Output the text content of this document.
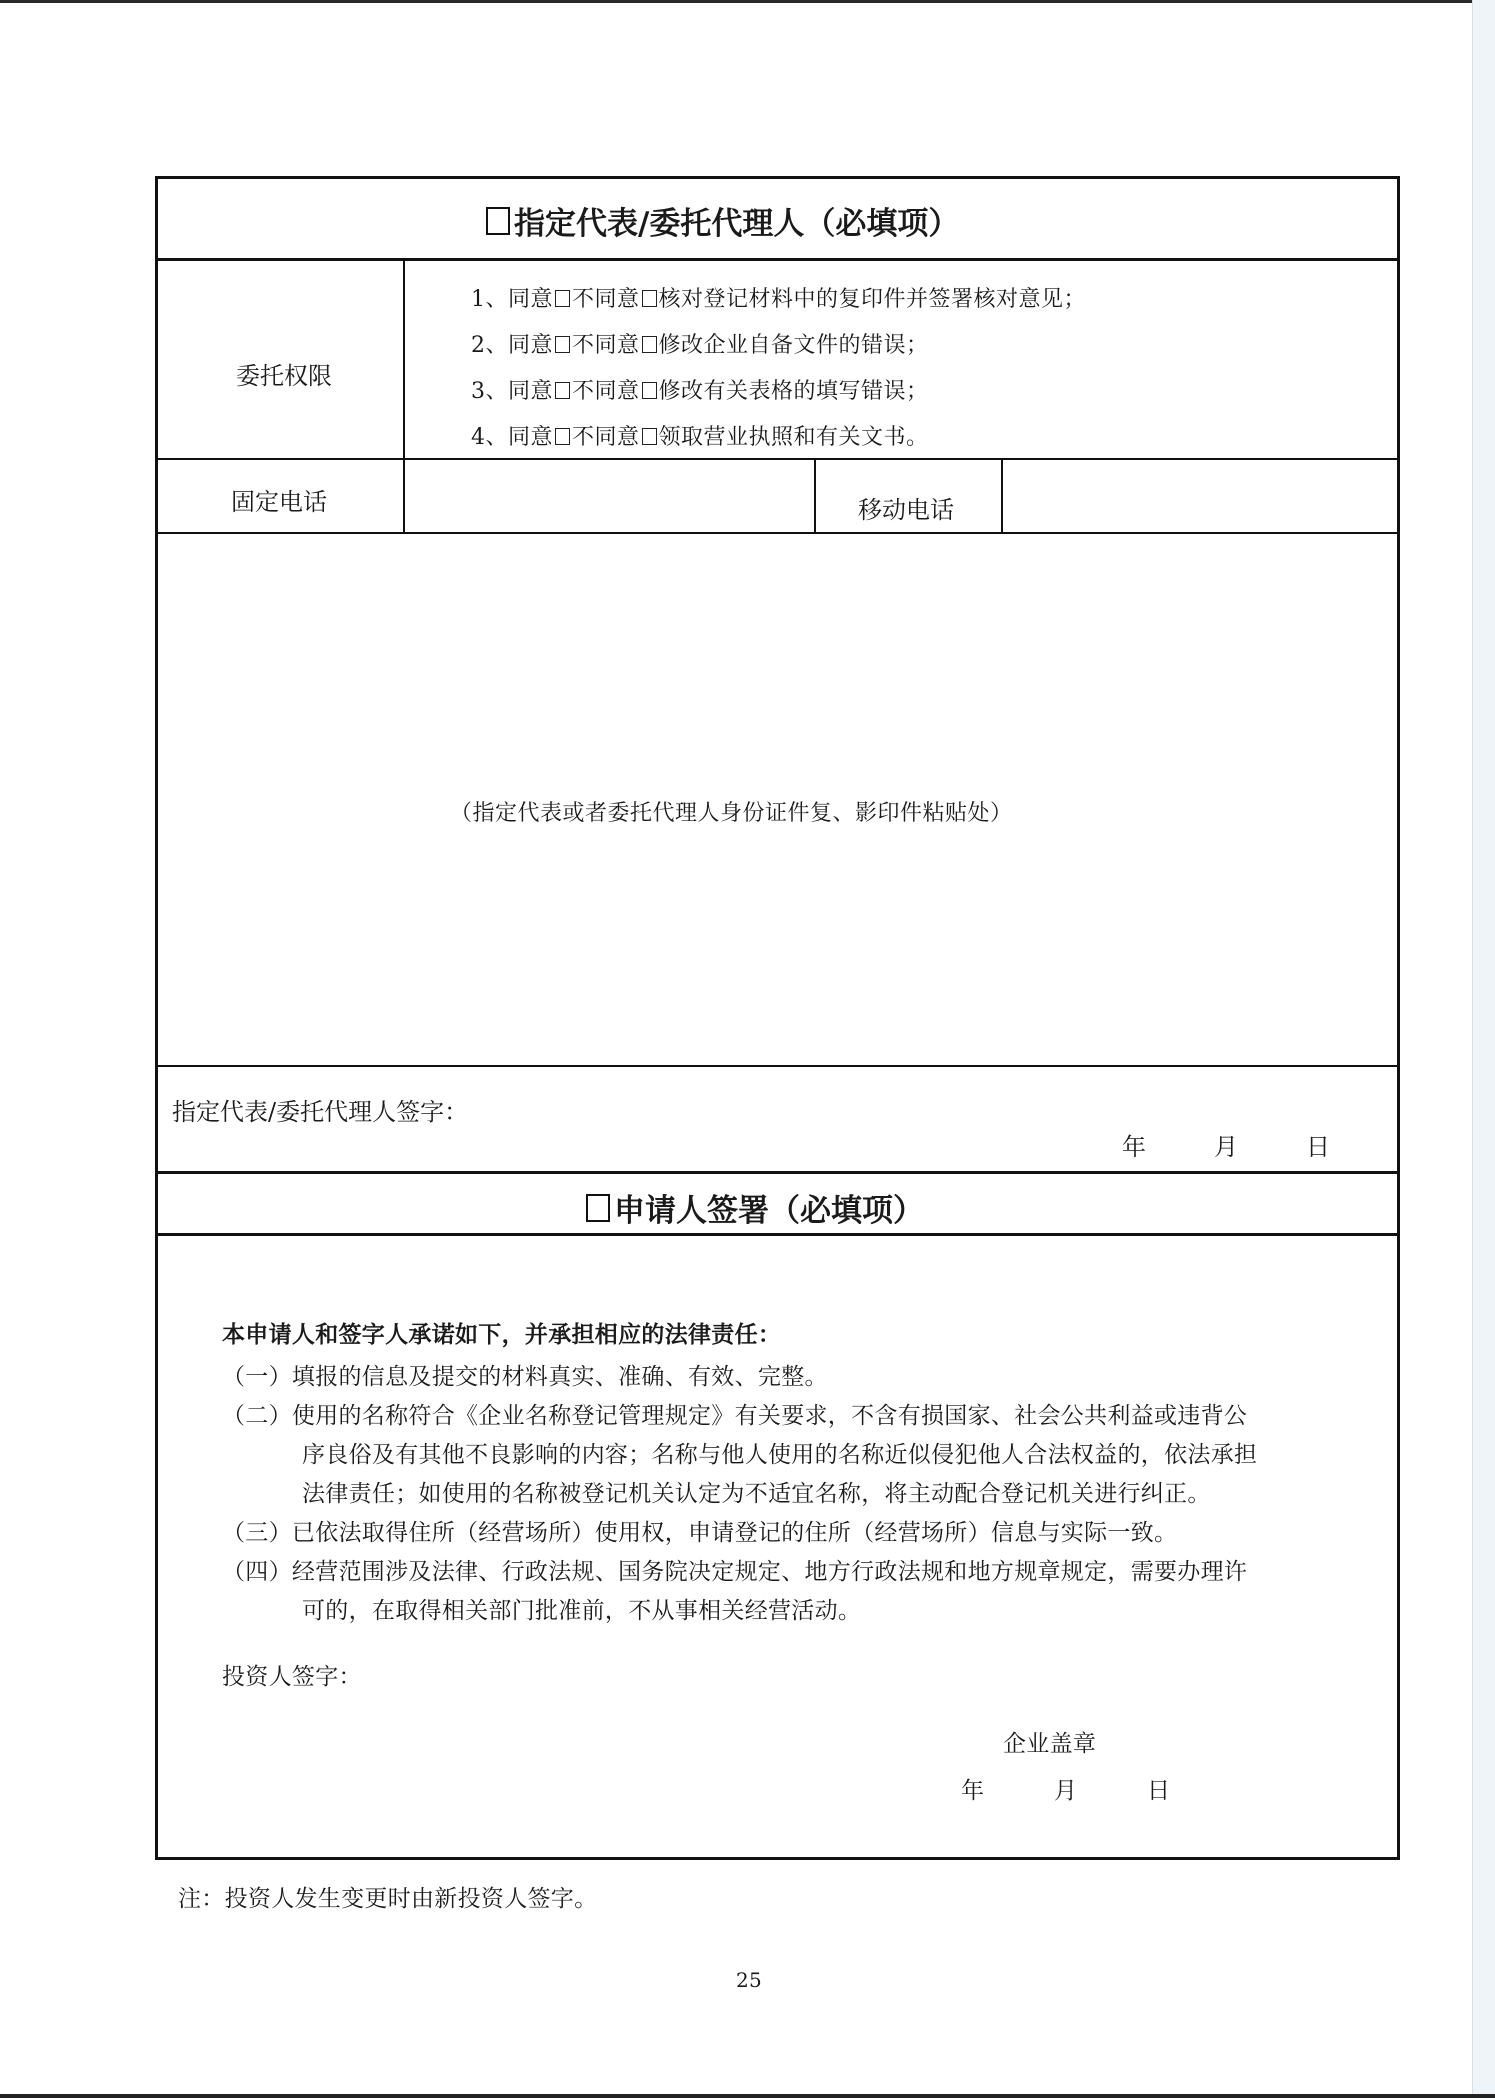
指定代表/委托代理人（必填项）
委托权限
1、同意 不同意 核对登记材料中的复印件并签署核对意见；
2、同意 不同意 修改企业自备文件的错误；
3、同意 不同意 修改有关表格的填写错误；
4、同意 不同意 领取营业执照和有关文书。
固定电话	移动电话
（指定代表或者委托代理人身份证件复、影印件粘贴处）
指定代表/委托代理人签字：
年	月	日
申请人签署（必填项）
本申请人和签字人承诺如下，并承担相应的法律责任：
（一）填报的信息及提交的材料真实、准确、有效、完整。
（二）使用的名称符合《企业名称登记管理规定》有关要求，不含有损国家、社会公共利益或违背公
序良俗及有其他不良影响的内容；名称与他人使用的名称近似侵犯他人合法权益的，依法承担
法律责任；如使用的名称被登记机关认定为不适宜名称，将主动配合登记机关进行纠正。
（三）已依法取得住所（经营场所）使用权，申请登记的住所（经营场所）信息与实际一致。
（四）经营范围涉及法律、行政法规、国务院决定规定、地方行政法规和地方规章规定，需要办理许
可的，在取得相关部门批准前，不从事相关经营活动。
投资人签字：
企业盖章
年	月	日
注：投资人发生变更时由新投资人签字。
25
